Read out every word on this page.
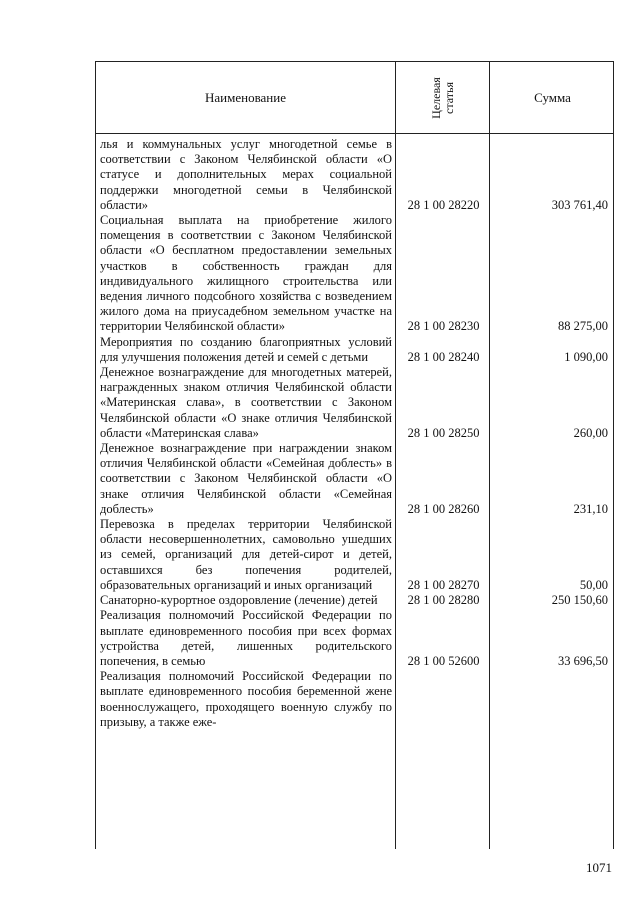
Наименование	Целевая статья	Сумма
лья и коммунальных услуг многодетной семье в соответствии с Законом Челябинской области «О статусе и дополнительных мерах социальной поддержки многодетной семьи в Челябинской области»	28 1 00 28220	303 761,40
Социальная выплата на приобретение жилого помещения в соответствии с Законом Челябинской области «О бесплатном предоставлении земельных участков в собственность граждан для индивидуального жилищного строительства или ведения личного подсобного хозяйства с возведением жилого дома на приусадебном земельном участке на территории Челябинской области»	28 1 00 28230	88 275,00
Мероприятия по созданию благоприятных условий для улучшения положения детей и семей с детьми	28 1 00 28240	1 090,00
Денежное вознаграждение для многодетных матерей, награжденных знаком отличия Челябинской области «Материнская слава», в соответствии с Законом Челябинской области «О знаке отличия Челябинской области «Материнская слава»	28 1 00 28250	260,00
Денежное вознаграждение при награждении знаком отличия Челябинской области «Семейная доблесть» в соответствии с Законом Челябинской области «О знаке отличия Челябинской области «Семейная доблесть»	28 1 00 28260	231,10
Перевозка в пределах территории Челябинской области несовершеннолетних, самовольно ушедших из семей, организаций для детей-сирот и детей, оставшихся без попечения родителей, образовательных организаций и иных организаций	28 1 00 28270	50,00
Санаторно-курортное оздоровление (лечение) детей	28 1 00 28280	250 150,60
Реализация полномочий Российской Федерации по выплате единовременного пособия при всех формах устройства детей, лишенных родительского попечения, в семью	28 1 00 52600	33 696,50
Реализация полномочий Российской Федерации по выплате единовременного пособия беременной жене военнослужащего, проходящего военную службу по призыву, а также еже-
1071
